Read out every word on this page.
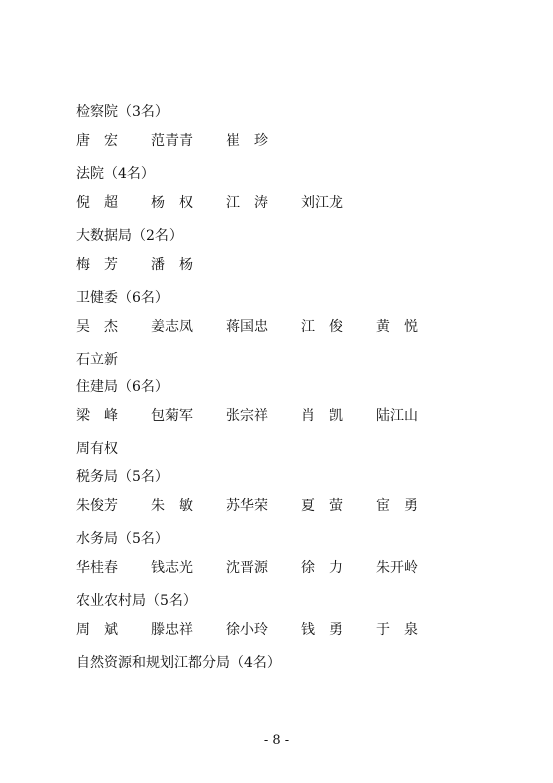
检察院（3名）
唐　宏	范青青	崔　珍
法院（4名）
倪　超	杨　权	江　涛	刘江龙
大数据局（2名）
梅　芳	潘　杨
卫健委（6名）
吴　杰	姜志凤	蒋国忠	江　俊	黄　悦
石立新
住建局（6名）
梁　峰	包菊军	张宗祥	肖　凯	陆江山
周有权
税务局（5名）
朱俊芳	朱　敏	苏华荣	夏　萤	宦　勇
水务局（5名）
华桂春	钱志光	沈晋源	徐　力	朱开岭
农业农村局（5名）
周　斌	滕忠祥	徐小玲	钱　勇	于　泉
自然资源和规划江都分局（4名）
- 8 -
